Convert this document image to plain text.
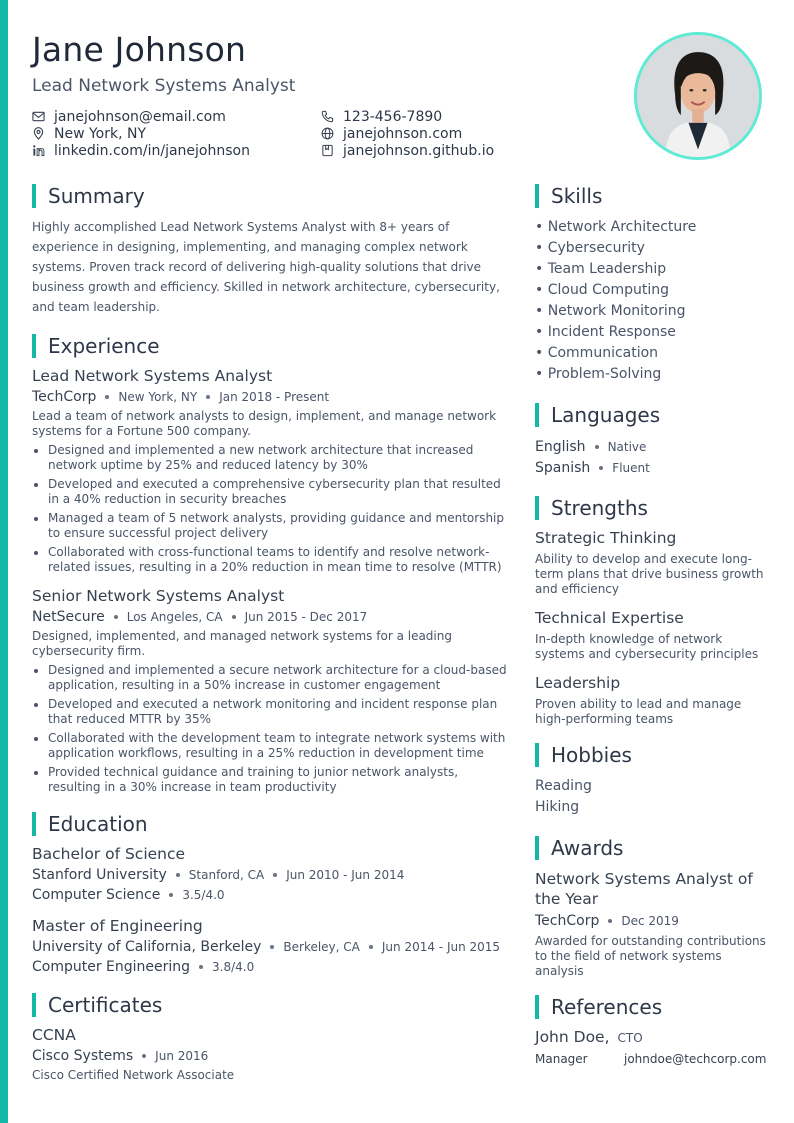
Jane Johnson
Lead Network Systems Analyst
janejohnson@email.com
New York, NY
linkedin.com/in/janejohnson
123-456-7890
janejohnson.com
janejohnson.github.io
Summary
Highly accomplished Lead Network Systems Analyst with 8+ years of experience in designing, implementing, and managing complex network systems. Proven track record of delivering high-quality solutions that drive business growth and efficiency. Skilled in network architecture, cybersecurity, and team leadership.
Experience
Lead Network Systems Analyst
TechCorp New York, NY Jan 2018 - Present
Lead a team of network analysts to design, implement, and manage network systems for a Fortune 500 company.
Designed and implemented a new network architecture that increased network uptime by 25% and reduced latency by 30%
Developed and executed a comprehensive cybersecurity plan that resulted in a 40% reduction in security breaches
Managed a team of 5 network analysts, providing guidance and mentorship to ensure successful project delivery
Collaborated with cross-functional teams to identify and resolve network-related issues, resulting in a 20% reduction in mean time to resolve (MTTR)
Senior Network Systems Analyst
NetSecure Los Angeles, CA Jun 2015 - Dec 2017
Designed, implemented, and managed network systems for a leading cybersecurity firm.
Designed and implemented a secure network architecture for a cloud-based application, resulting in a 50% increase in customer engagement
Developed and executed a network monitoring and incident response plan that reduced MTTR by 35%
Collaborated with the development team to integrate network systems with application workflows, resulting in a 25% reduction in development time
Provided technical guidance and training to junior network analysts, resulting in a 30% increase in team productivity
Education
Bachelor of Science
Stanford University Stanford, CA Jun 2010 - Jun 2014
Computer Science 3.5/4.0
Master of Engineering
University of California, Berkeley Berkeley, CA Jun 2014 - Jun 2015
Computer Engineering 3.8/4.0
Certificates
CCNA
Cisco Systems Jun 2016
Cisco Certified Network Associate
Skills
• Network Architecture
• Cybersecurity
• Team Leadership
• Cloud Computing
• Network Monitoring
• Incident Response
• Communication
• Problem-Solving
Languages
English Native
Spanish Fluent
Strengths
Strategic Thinking
Ability to develop and execute long-term plans that drive business growth and efficiency
Technical Expertise
In-depth knowledge of network systems and cybersecurity principles
Leadership
Proven ability to lead and manage high-performing teams
Hobbies
Reading
Hiking
Awards
Network Systems Analyst of the Year
TechCorp Dec 2019
Awarded for outstanding contributions to the field of network systems analysis
References
John Doe, CTO
Manager	johndoe@techcorp.com
